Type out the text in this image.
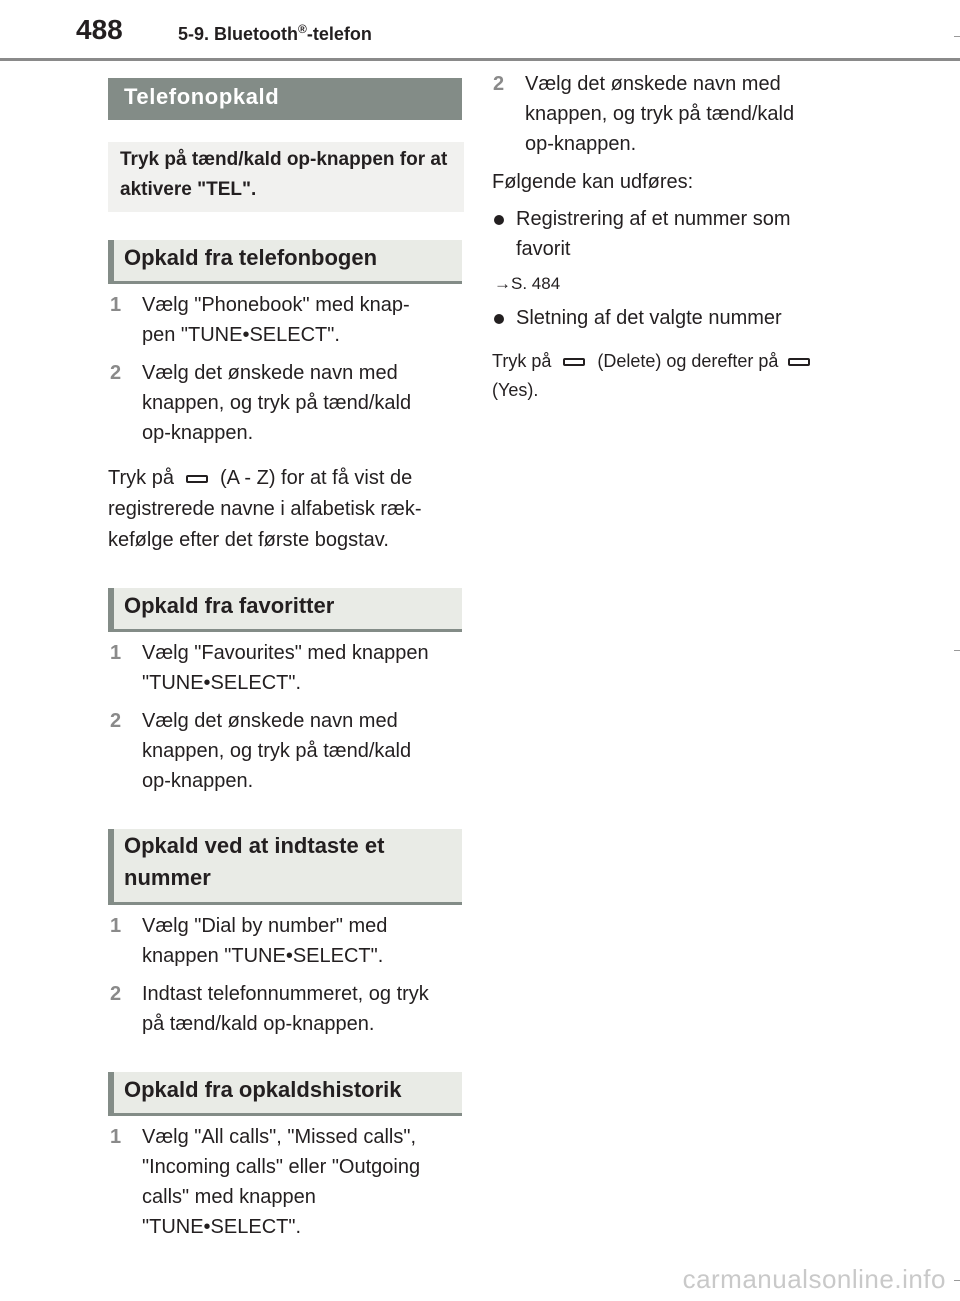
488	5-9. Bluetooth®-telefon
Telefonopkald
Tryk på tænd/kald op-knappen for at aktivere "TEL".
Opkald fra telefonbogen
1 Vælg "Phonebook" med knap-
pen "TUNE•SELECT".
2 Vælg det ønskede navn med
knappen, og tryk på tænd/kald
op-knappen.
Tryk på (A - Z) for at få vist de
registrerede navne i alfabetisk ræk-
kefølge efter det første bogstav.
Opkald fra favoritter
1 Vælg "Favourites" med knappen
"TUNE•SELECT".
2 Vælg det ønskede navn med
knappen, og tryk på tænd/kald
op-knappen.
Opkald ved at indtaste et
nummer
1 Vælg "Dial by number" med
knappen "TUNE•SELECT".
2 Indtast telefonnummeret, og tryk
på tænd/kald op-knappen.
Opkald fra opkaldshistorik
1 Vælg "All calls", "Missed calls",
"Incoming calls" eller "Outgoing
calls" med knappen
"TUNE•SELECT".
2 Vælg det ønskede navn med
knappen, og tryk på tænd/kald
op-knappen.
Følgende kan udføres:
Registrering af et nummer som
favorit
→S. 484
Sletning af det valgte nummer
Tryk på	(Delete) og derefter på
(Yes).
carmanualsonline.info
